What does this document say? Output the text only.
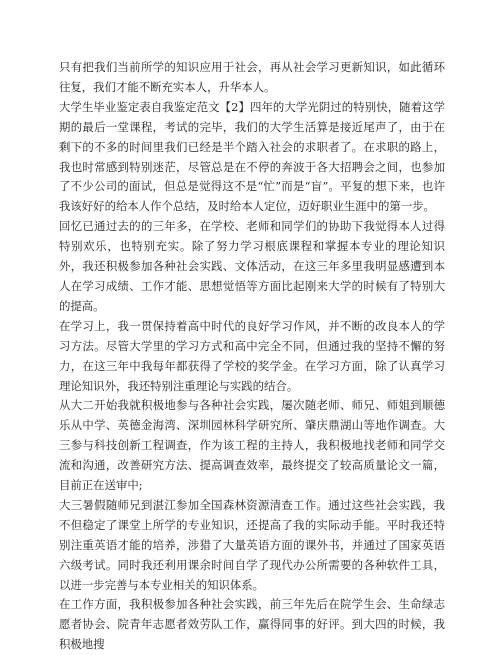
只有把我们当前所学的知识应用于社会，再从社会学习更新知识，如此循环往复，我们才能不断充实本人，升华本人。

大学生毕业鉴定表自我鉴定范文【2】四年的大学光阴过的特别快，随着这学期的最后一堂课程，考试的完毕，我们的大学生活算是接近尾声了，由于在剩下的不多的时间里我们已经是半个踏入社会的求职者了。在求职的路上，我也时常感到特别迷茫，尽管总是在不停的奔波于各大招聘会之间，也参加了不少公司的面试，但总是觉得这不是“忙”而是“盲”。平复的想下来，也许我该好好的给本人作个总结，及时给本人定位，迈好职业生涯中的第一步。

回忆已通过去的的三年多，在学校、老师和同学们的协助下我觉得本人过得特别欢乐，也特别充实。除了努力学习根底课程和掌握本专业的理论知识外，我还积极参加各种社会实践、文体活动，在这三年多里我明显感遭到本人在学习成绩、工作才能、思想觉悟等方面比起刚来大学的时候有了特别大的提高。

在学习上，我一贯保持着高中时代的良好学习作风，并不断的改良本人的学习方法。尽管大学里的学习方式和高中完全不同，但通过我的坚持不懈的努力，在这三年中我每年都获得了学校的奖学金。在学习方面，除了认真学习理论知识外，我还特别注重理论与实践的结合。

从大二开始我就积极地参与各种社会实践，屡次随老师、师兄、师姐到顺德乐从中学、英德金海湾、深圳园林科学研究所、肇庆鼎湖山等地作调查。大三参与科技创新工程调查，作为该工程的主持人，我积极地找老师和同学交流和沟通，改善研究方法、提高调查效率，最终提交了较高质量论文一篇，目前正在送审中;

大三暑假随师兄到湛江参加全国森林资源清查工作。通过这些社会实践，我不但稳定了课堂上所学的专业知识，还提高了我的实际动手能。平时我还特别注重英语才能的培养，涉猎了大量英语方面的课外书，并通过了国家英语六级考试。同时我还利用课余时间自学了现代办公所需要的各种软件工具，以进一步完善与本专业相关的知识体系。

在工作方面，我积极参加各种社会实践，前三年先后在院学生会、生命绿志愿者协会、院青年志愿者效劳队工作，赢得同事的好评。到大四的时候，我积极地搜
